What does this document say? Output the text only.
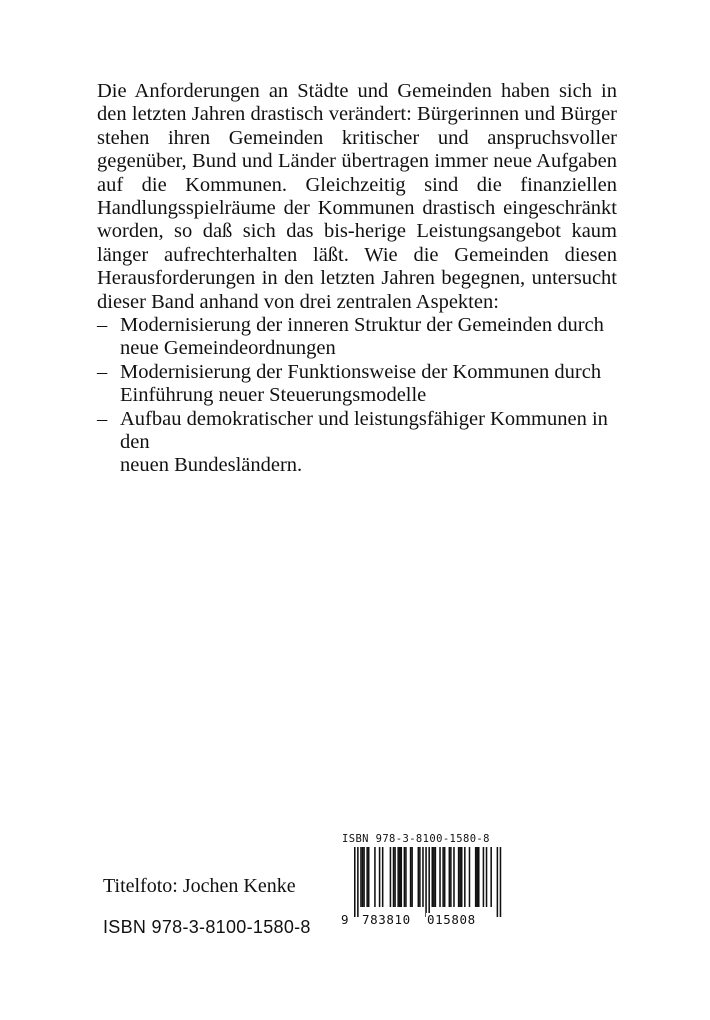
Die Anforderungen an Städte und Gemeinden haben sich in den letzten Jahren drastisch verändert: Bürgerinnen und Bürger stehen ihren Gemeinden kritischer und anspruchsvoller gegenüber, Bund und Länder übertragen immer neue Aufgaben auf die Kommunen. Gleichzeitig sind die finanziellen Handlungsspielräume der Kommunen drastisch eingeschränkt worden, so daß sich das bis-herige Leistungsangebot kaum länger aufrechterhalten läßt. Wie die Gemeinden diesen Herausforderungen in den letzten Jahren begegnen, untersucht dieser Band anhand von drei zentralen Aspekten:

– Modernisierung der inneren Struktur der Gemeinden durch
neue Gemeindeordnungen
– Modernisierung der Funktionsweise der Kommunen durch
Einführung neuer Steuerungsmodelle
– Aufbau demokratischer und leistungsfähiger Kommunen in den
neuen Bundesländern.
Titelfoto: Jochen Kenke
ISBN 978-3-8100-1580-8
ISBN 978-3-8100-1580-8
9 783810 015808
